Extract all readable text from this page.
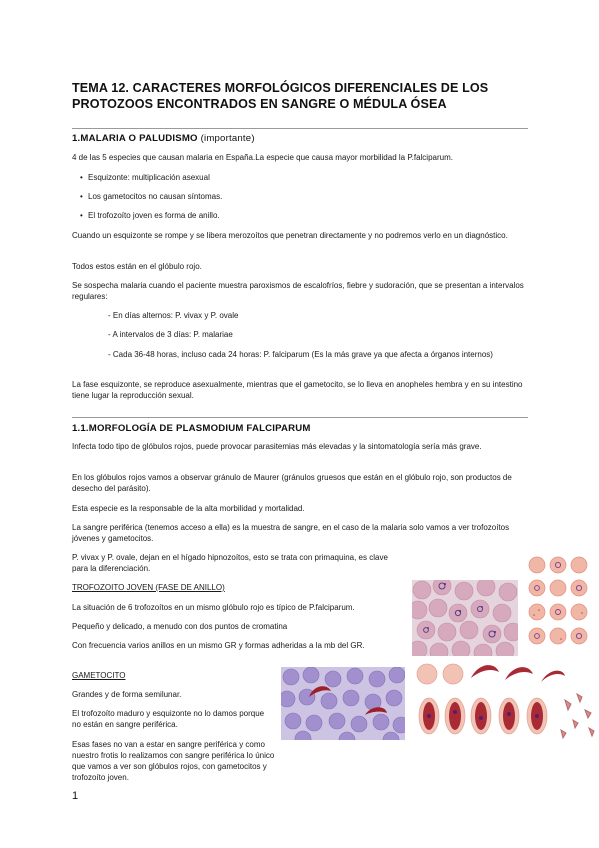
TEMA 12. CARACTERES MORFOLÓGICOS DIFERENCIALES DE LOS PROTOZOOS ENCONTRADOS EN SANGRE O MÉDULA ÓSEA
1.MALARIA O PALUDISMO (importante)
4 de las 5 especies que causan malaria en España.La especie que causa mayor morbilidad la P.falciparum.
• Esquizonte: multiplicación asexual
• Los gametocitos no causan síntomas.
• El trofozoíto joven es forma de anillo.
Cuando un esquizonte se rompe y se libera merozoítos que penetran directamente y no podremos verlo en un diagnóstico.
Todos estos están en el glóbulo rojo.
Se sospecha malaria cuando el paciente muestra paroxismos de escalofríos, fiebre y sudoración, que se presentan a intervalos regulares:
- En días alternos: P. vivax y P. ovale
- A intervalos de 3 días: P. malariae
- Cada 36-48 horas, incluso cada 24 horas: P. falciparum (Es la más grave ya que afecta a órganos internos)
La fase esquizonte, se reproduce asexualmente, mientras que el gametocito, se lo lleva en anopheles hembra y en su intestino tiene lugar la reproducción sexual.
1.1.MORFOLOGÍA DE PLASMODIUM FALCIPARUM
Infecta todo tipo de glóbulos rojos, puede provocar parasitemias más elevadas y la sintomatología sería más grave.
En los glóbulos rojos vamos a observar gránulo de Maurer (gránulos gruesos que están en el glóbulo rojo, son productos de desecho del parásito).
Esta especie es la responsable de la alta morbilidad y mortalidad.
La sangre periférica (tenemos acceso a ella) es la muestra de sangre, en el caso de la malaria solo vamos a ver trofozoítos jóvenes y gametocitos.
P. vivax y P. ovale, dejan en el hígado hipnozoítos, esto se trata con primaquina, es clave para la diferenciación.
TROFOZOITO JOVEN (FASE DE ANILLO)
La situación de 6 trofozoítos en un mismo glóbulo rojo es típico de P.falciparum.
Pequeño y delicado, a menudo con dos puntos de cromatina
Con frecuencia varios anillos en un mismo GR y formas adheridas a la mb del GR.
GAMETOCITO
Grandes y de forma semilunar.
El trofozoíto maduro y esquizonte no lo damos porque no están en sangre periférica.
Esas fases no van a estar en sangre periférica y como nuestro frotis lo realizamos con sangre periférica lo único que vamos a ver son glóbulos rojos, con gametocitos y trofozoíto joven.
1
